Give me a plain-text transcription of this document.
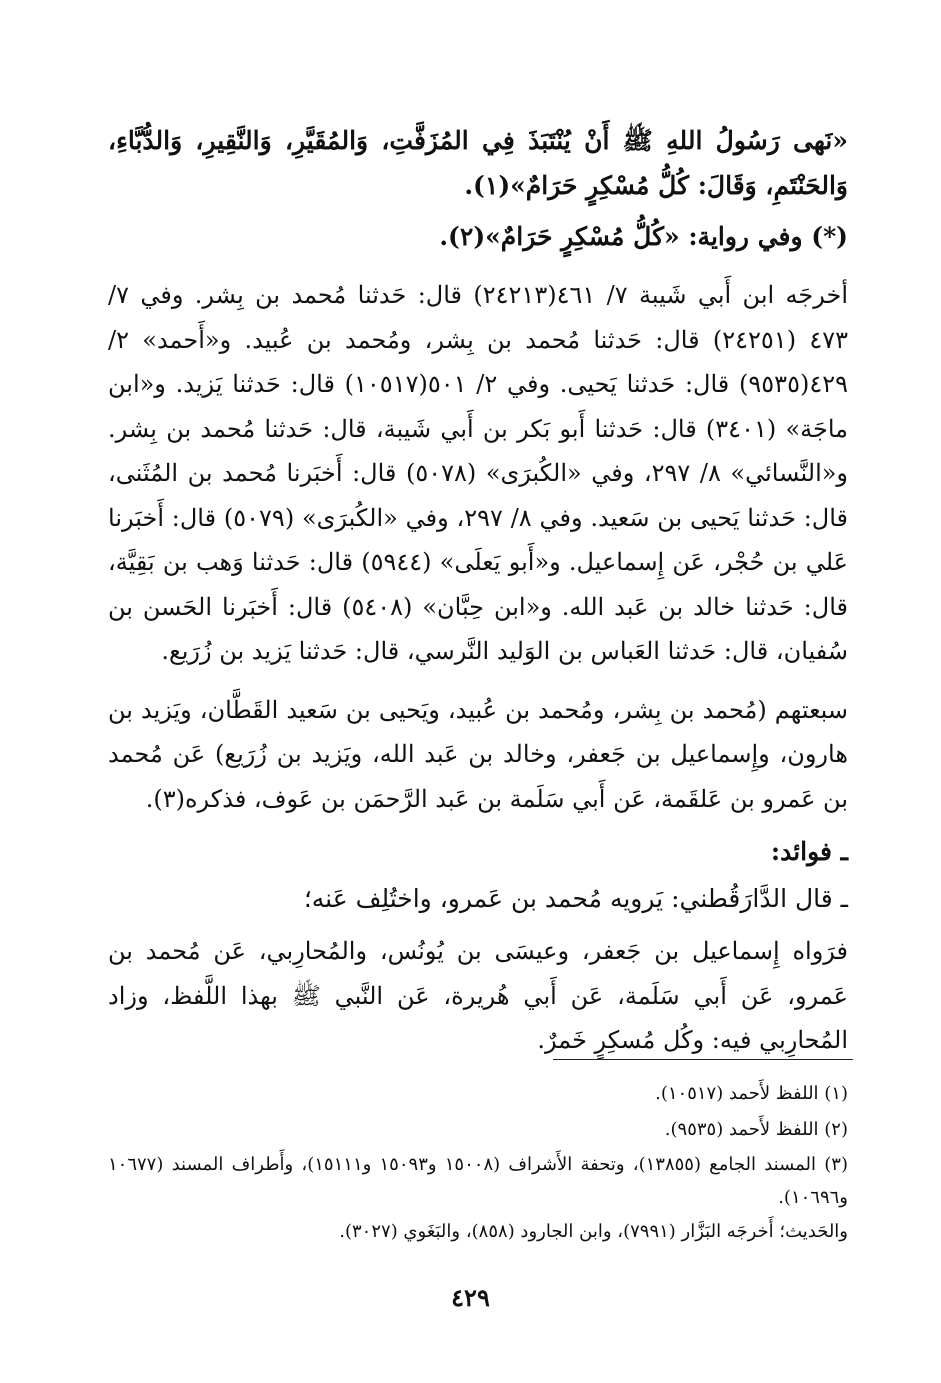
«نَهى رَسُولُ اللهِ ﷺ أَنْ يُنْتَبَذَ فِي المُزَفَّتِ، وَالمُقَيَّرِ، وَالنَّقِيرِ، وَالدُّبَّاءِ، وَالحَنْتَمِ، وَقَالَ: كُلُّ مُسْكِرٍ حَرَامٌ»(١).

(*) وفي رواية: «كُلُّ مُسْكِرٍ حَرَامٌ»(٢).

أخرجَه ابن أَبي شَيبة ٧/ ٤٦١(٢٤٢١٣) قال: حَدثنا مُحمد بن بِشر. وفي ٧/ ٤٧٣ (٢٤٢٥١) قال: حَدثنا مُحمد بن بِشر، ومُحمد بن عُبيد. و«أَحمد» ٢/ ٤٢٩(٩٥٣٥) قال: حَدثنا يَحيى. وفي ٢/ ٥٠١(١٠٥١٧) قال: حَدثنا يَزيد. و«ابن ماجَة» (٣٤٠١) قال: حَدثنا أَبو بَكر بن أَبي شَيبة، قال: حَدثنا مُحمد بن بِشر. و«النَّسائي» ٨/ ٢٩٧، وفي «الكُبرَى» (٥٠٧٨) قال: أَخبَرنا مُحمد بن المُثَنى، قال: حَدثنا يَحيى بن سَعيد. وفي ٨/ ٢٩٧، وفي «الكُبرَى» (٥٠٧٩) قال: أَخبَرنا عَلي بن حُجْر، عَن إِسماعيل. و«أَبو يَعلَى» (٥٩٤٤) قال: حَدثنا وَهب بن بَقِيَّة، قال: حَدثنا خالد بن عَبد الله. و«ابن حِبَّان» (٥٤٠٨) قال: أَخبَرنا الحَسن بن سُفيان، قال: حَدثنا العَباس بن الوَليد النَّرسي، قال: حَدثنا يَزيد بن زُرَيع.

سبعتهم (مُحمد بن بِشر، ومُحمد بن عُبيد، ويَحيى بن سَعيد القَطَّان، ويَزيد بن هارون، وإِسماعيل بن جَعفر، وخالد بن عَبد الله، ويَزيد بن زُرَيع) عَن مُحمد بن عَمرو بن عَلقَمة، عَن أَبي سَلَمة بن عَبد الرَّحمَن بن عَوف، فذكره(٣).

ـ فوائد:

ـ قال الدَّارَقُطني: يَرويه مُحمد بن عَمرو، واختُلِف عَنه؛

فرَواه إِسماعيل بن جَعفر، وعيسَى بن يُونُس، والمُحارِبي، عَن مُحمد بن عَمرو، عَن أَبي سَلَمة، عَن أَبي هُريرة، عَن النَّبي ﷺ بهذا اللَّفظ، وزاد المُحارِبي فيه: وكُل مُسكِرٍ خَمرٌ.

(١) اللفظ لأَحمد (١٠٥١٧).

(٢) اللفظ لأَحمد (٩٥٣٥).

(٣) المسند الجامع (١٣٨٥٥)، وتحفة الأَشراف (١٥٠٠٨ و١٥٠٩٣ و١٥١١١)، وأَطراف المسند (١٠٦٧٧ و١٠٦٩٦).

والحَديث؛ أَخرجَه البَزَّار (٧٩٩١)، وابن الجارود (٨٥٨)، والبَغَوي (٣٠٢٧).

٤٢٩
